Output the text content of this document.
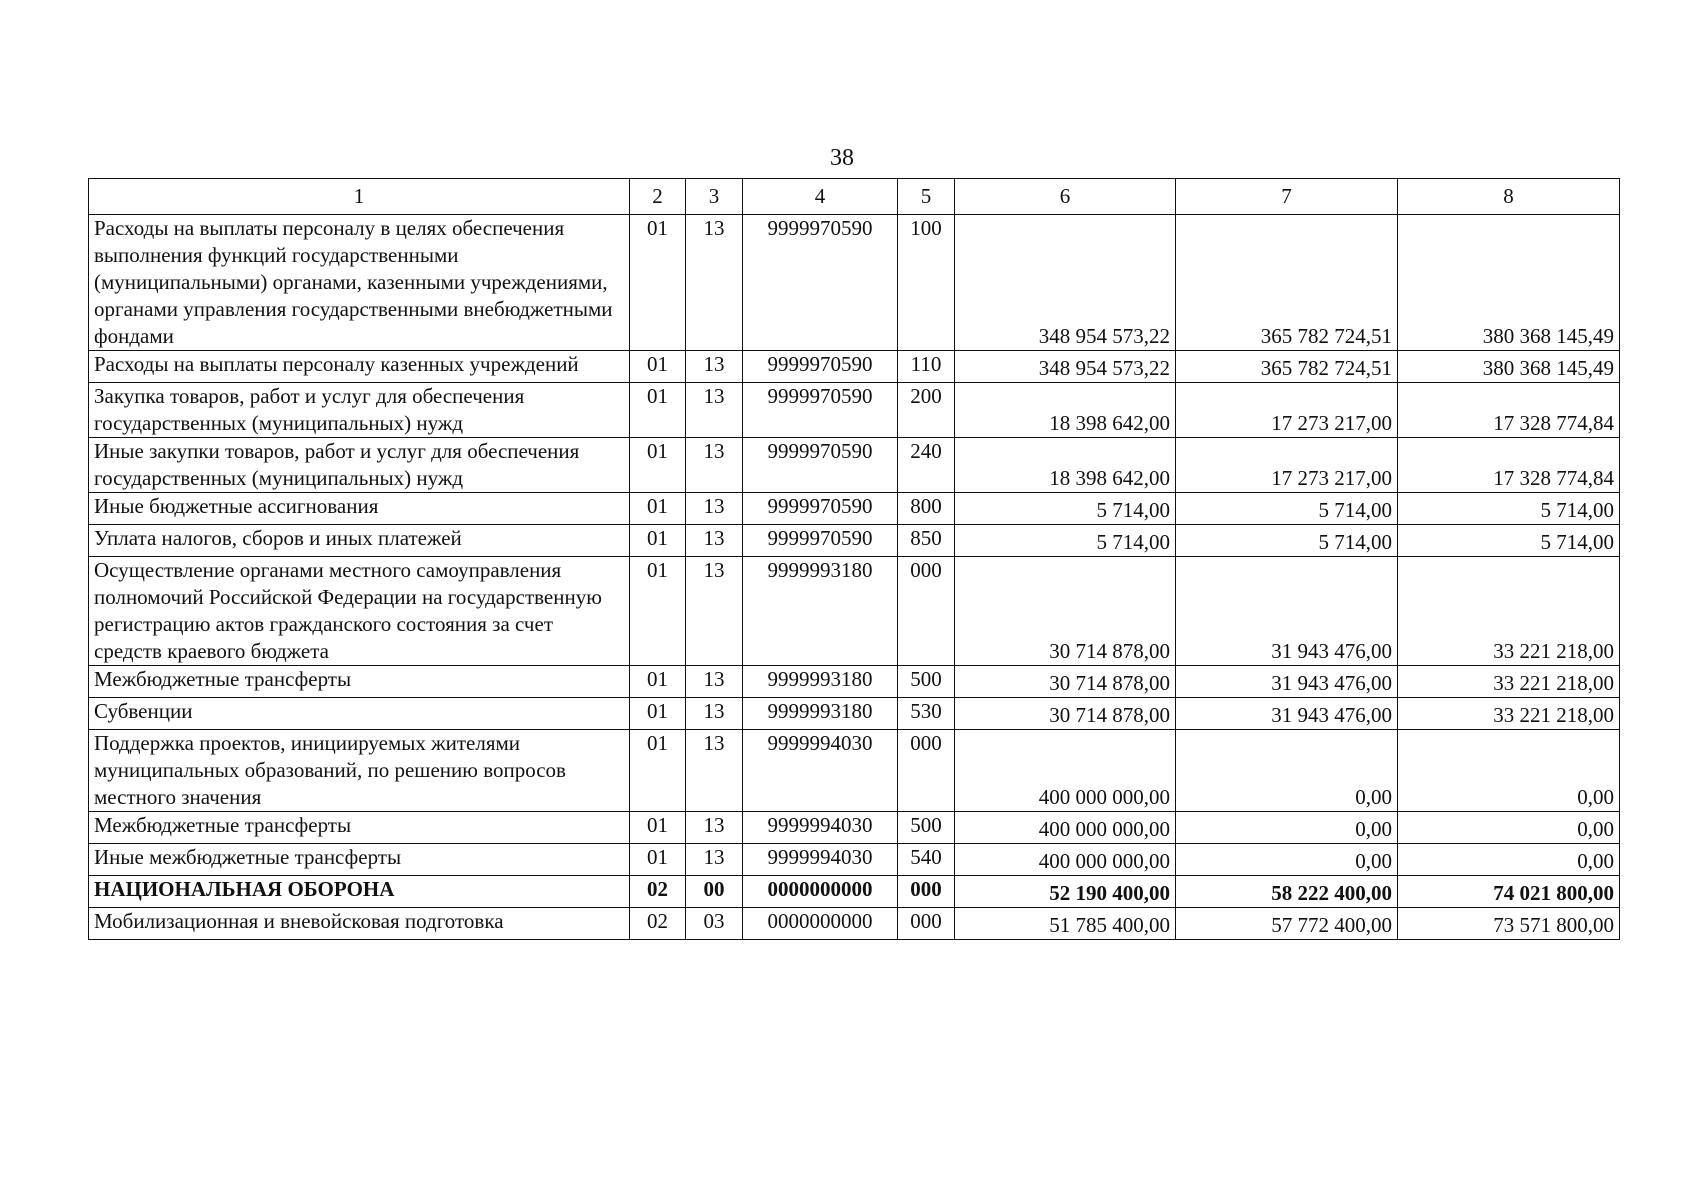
38
1	2	3	4	5	6	7	8
Расходы на выплаты персоналу в целях обеспечения выполнения функций государственными (муниципальными) органами, казенными учреждениями, органами управления государственными внебюджетными фондами	01	13	9999970590	100	348 954 573,22	365 782 724,51	380 368 145,49
Расходы на выплаты персоналу казенных учреждений	01	13	9999970590	110	348 954 573,22	365 782 724,51	380 368 145,49
Закупка товаров, работ и услуг для обеспечения государственных (муниципальных) нужд	01	13	9999970590	200	18 398 642,00	17 273 217,00	17 328 774,84
Иные закупки товаров, работ и услуг для обеспечения государственных (муниципальных) нужд	01	13	9999970590	240	18 398 642,00	17 273 217,00	17 328 774,84
Иные бюджетные ассигнования	01	13	9999970590	800	5 714,00	5 714,00	5 714,00
Уплата налогов, сборов и иных платежей	01	13	9999970590	850	5 714,00	5 714,00	5 714,00
Осуществление органами местного самоуправления полномочий Российской Федерации на государственную регистрацию актов гражданского состояния за счет средств краевого бюджета	01	13	9999993180	000	30 714 878,00	31 943 476,00	33 221 218,00
Межбюджетные трансферты	01	13	9999993180	500	30 714 878,00	31 943 476,00	33 221 218,00
Субвенции	01	13	9999993180	530	30 714 878,00	31 943 476,00	33 221 218,00
Поддержка проектов, инициируемых жителями муниципальных образований, по решению вопросов местного значения	01	13	9999994030	000	400 000 000,00	0,00	0,00
Межбюджетные трансферты	01	13	9999994030	500	400 000 000,00	0,00	0,00
Иные межбюджетные трансферты	01	13	9999994030	540	400 000 000,00	0,00	0,00
НАЦИОНАЛЬНАЯ ОБОРОНА	02	00	0000000000	000	52 190 400,00	58 222 400,00	74 021 800,00
Мобилизационная и вневойсковая подготовка	02	03	0000000000	000	51 785 400,00	57 772 400,00	73 571 800,00
